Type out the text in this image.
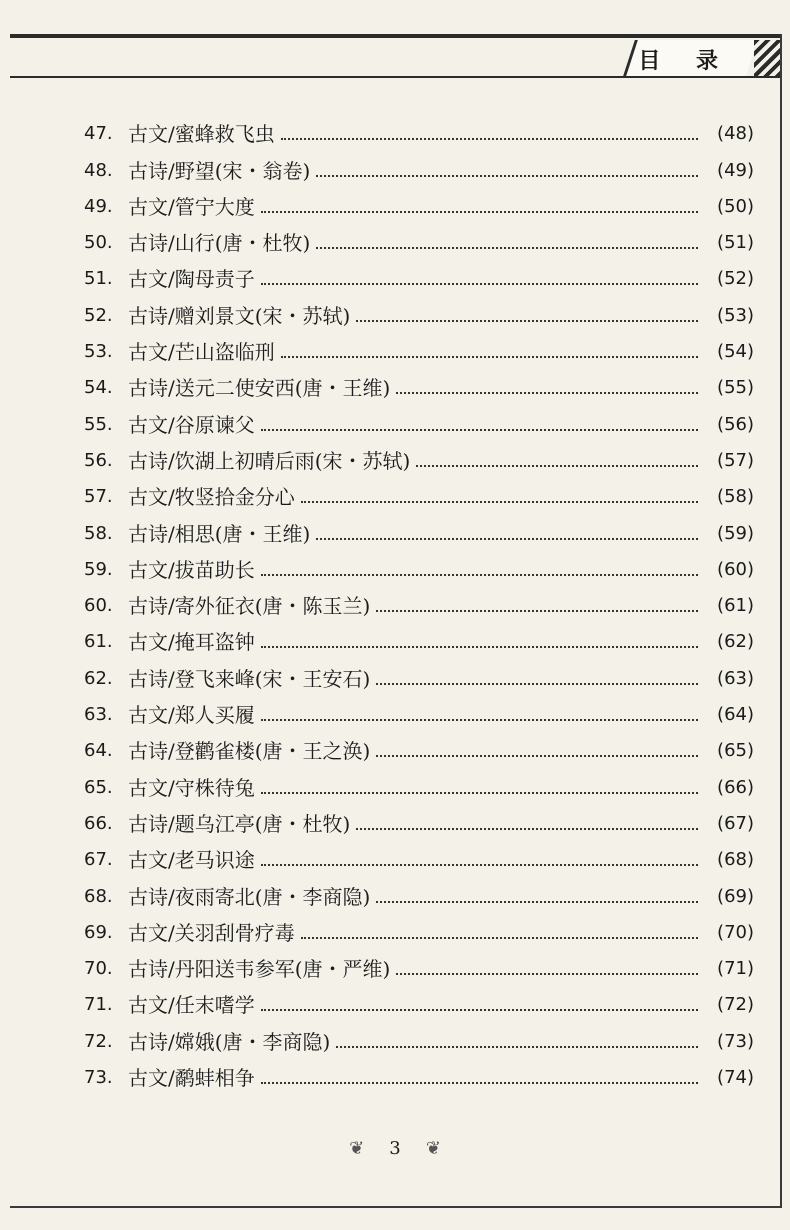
目 录
47. 古文/蜜蜂救飞虫	(48)
48. 古诗/野望(宋・翁卷)	(49)
49. 古文/管宁大度	(50)
50. 古诗/山行(唐・杜牧)	(51)
51. 古文/陶母责子	(52)
52. 古诗/赠刘景文(宋・苏轼)	(53)
53. 古文/芒山盗临刑	(54)
54. 古诗/送元二使安西(唐・王维)	(55)
55. 古文/谷原谏父	(56)
56. 古诗/饮湖上初晴后雨(宋・苏轼)	(57)
57. 古文/牧竖拾金分心	(58)
58. 古诗/相思(唐・王维)	(59)
59. 古文/拔苗助长	(60)
60. 古诗/寄外征衣(唐・陈玉兰)	(61)
61. 古文/掩耳盗钟	(62)
62. 古诗/登飞来峰(宋・王安石)	(63)
63. 古文/郑人买履	(64)
64. 古诗/登鹳雀楼(唐・王之涣)	(65)
65. 古文/守株待兔	(66)
66. 古诗/题乌江亭(唐・杜牧)	(67)
67. 古文/老马识途	(68)
68. 古诗/夜雨寄北(唐・李商隐)	(69)
69. 古文/关羽刮骨疗毒	(70)
70. 古诗/丹阳送韦参军(唐・严维)	(71)
71. 古文/任末嗜学	(72)
72. 古诗/嫦娥(唐・李商隐)	(73)
73. 古文/鹬蚌相争	(74)
❦ 3 ❦
